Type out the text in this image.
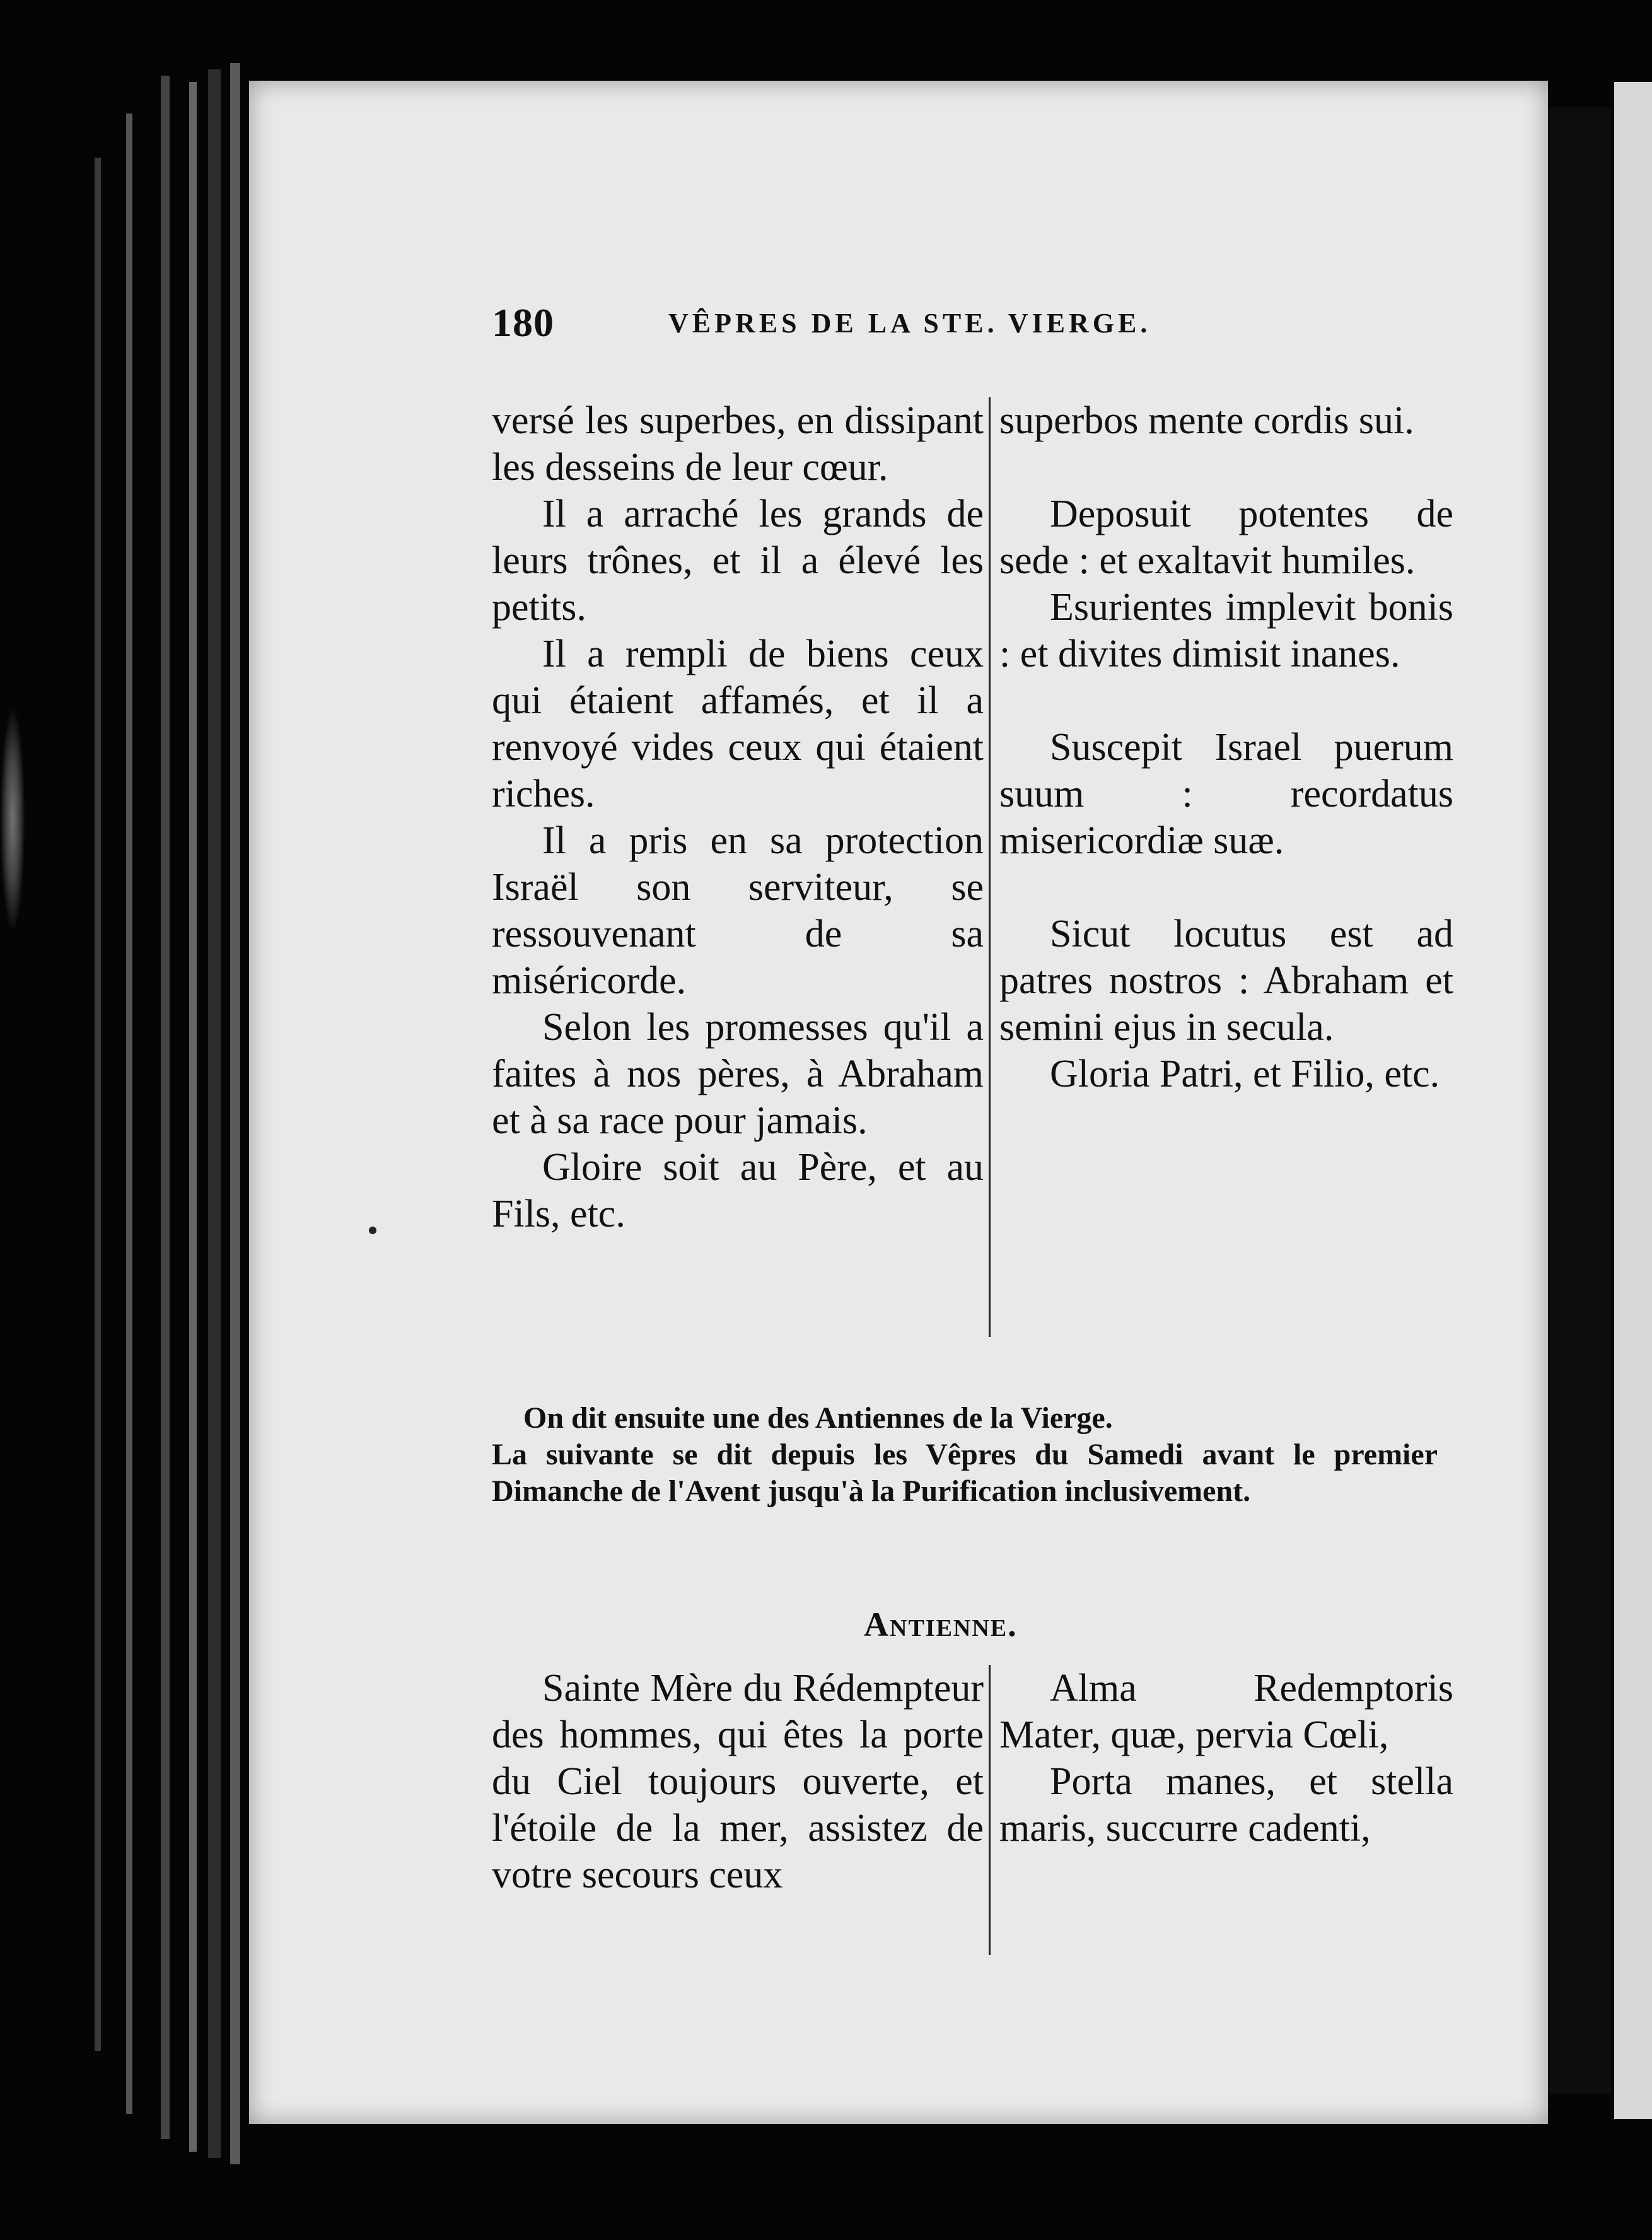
180	VÊPRES DE LA STE. VIERGE.

versé les superbes, en dissipant les desseins de leur cœur.

Il a arraché les grands de leurs trônes, et il a élevé les petits.

Il a rempli de biens ceux qui étaient affamés, et il a renvoyé vides ceux qui étaient riches.

Il a pris en sa protection Israël son serviteur, se ressouvenant de sa miséricorde.

Selon les promesses qu'il a faites à nos pères, à Abraham et à sa race pour jamais.

Gloire soit au Père, et au Fils, etc.

superbos mente cordis sui.

Deposuit potentes de sede : et exaltavit humiles.

Esurientes implevit bonis : et divites dimisit inanes.

Suscepit Israel puerum suum : recordatus misericordiæ suæ.

Sicut locutus est ad patres nostros : Abraham et semini ejus in secula.

Gloria Patri, et Filio, etc.

On dit ensuite une des Antiennes de la Vierge.
La suivante se dit depuis les Vêpres du Samedi avant le premier Dimanche de l'Avent jusqu'à la Purification inclusivement.
Antienne.

Sainte Mère du Rédempteur des hommes, qui êtes la porte du Ciel toujours ouverte, et l'étoile de la mer, assistez de votre secours ceux

Alma Redemptoris Mater, quæ, pervia Cœli,

Porta manes, et stella maris, succurre cadenti,
